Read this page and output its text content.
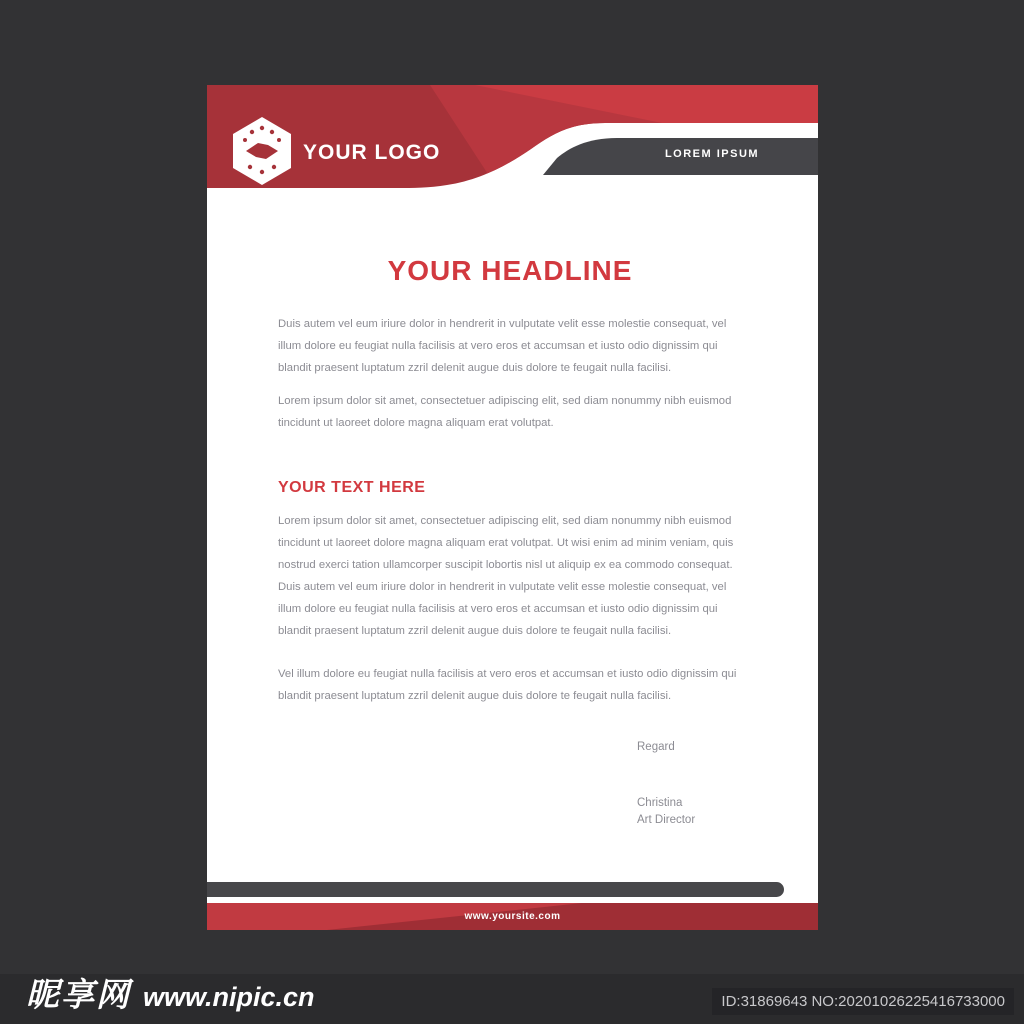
YOUR LOGO	LOREM IPSUM
YOUR HEADLINE

Duis autem vel eum iriure dolor in hendrerit in vulputate velit esse molestie consequat, vel illum dolore eu feugiat nulla facilisis at vero eros et accumsan et iusto odio dignissim qui blandit praesent luptatum zzril delenit augue duis dolore te feugait nulla facilisi.

Lorem ipsum dolor sit amet, consectetuer adipiscing elit, sed diam nonummy nibh euismod tincidunt ut laoreet dolore magna aliquam erat volutpat.

YOUR TEXT HERE

Lorem ipsum dolor sit amet, consectetuer adipiscing elit, sed diam nonummy nibh euismod tincidunt ut laoreet dolore magna aliquam erat volutpat. Ut wisi enim ad minim veniam, quis nostrud exerci tation ullamcorper suscipit lobortis nisl ut aliquip ex ea commodo consequat. Duis autem vel eum iriure dolor in hendrerit in vulputate velit esse molestie consequat, vel illum dolore eu feugiat nulla facilisis at vero eros et accumsan et iusto odio dignissim qui blandit praesent luptatum zzril delenit augue duis dolore te feugait nulla facilisi.

Vel illum dolore eu feugiat nulla facilisis at vero eros et accumsan et iusto odio dignissim qui blandit praesent luptatum zzril delenit augue duis dolore te feugait nulla facilisi.

Regard
Christina
Art Director
www.yoursite.com
昵享网 www.nipic.cn	ID:31869643 NO:20201026225416733000
